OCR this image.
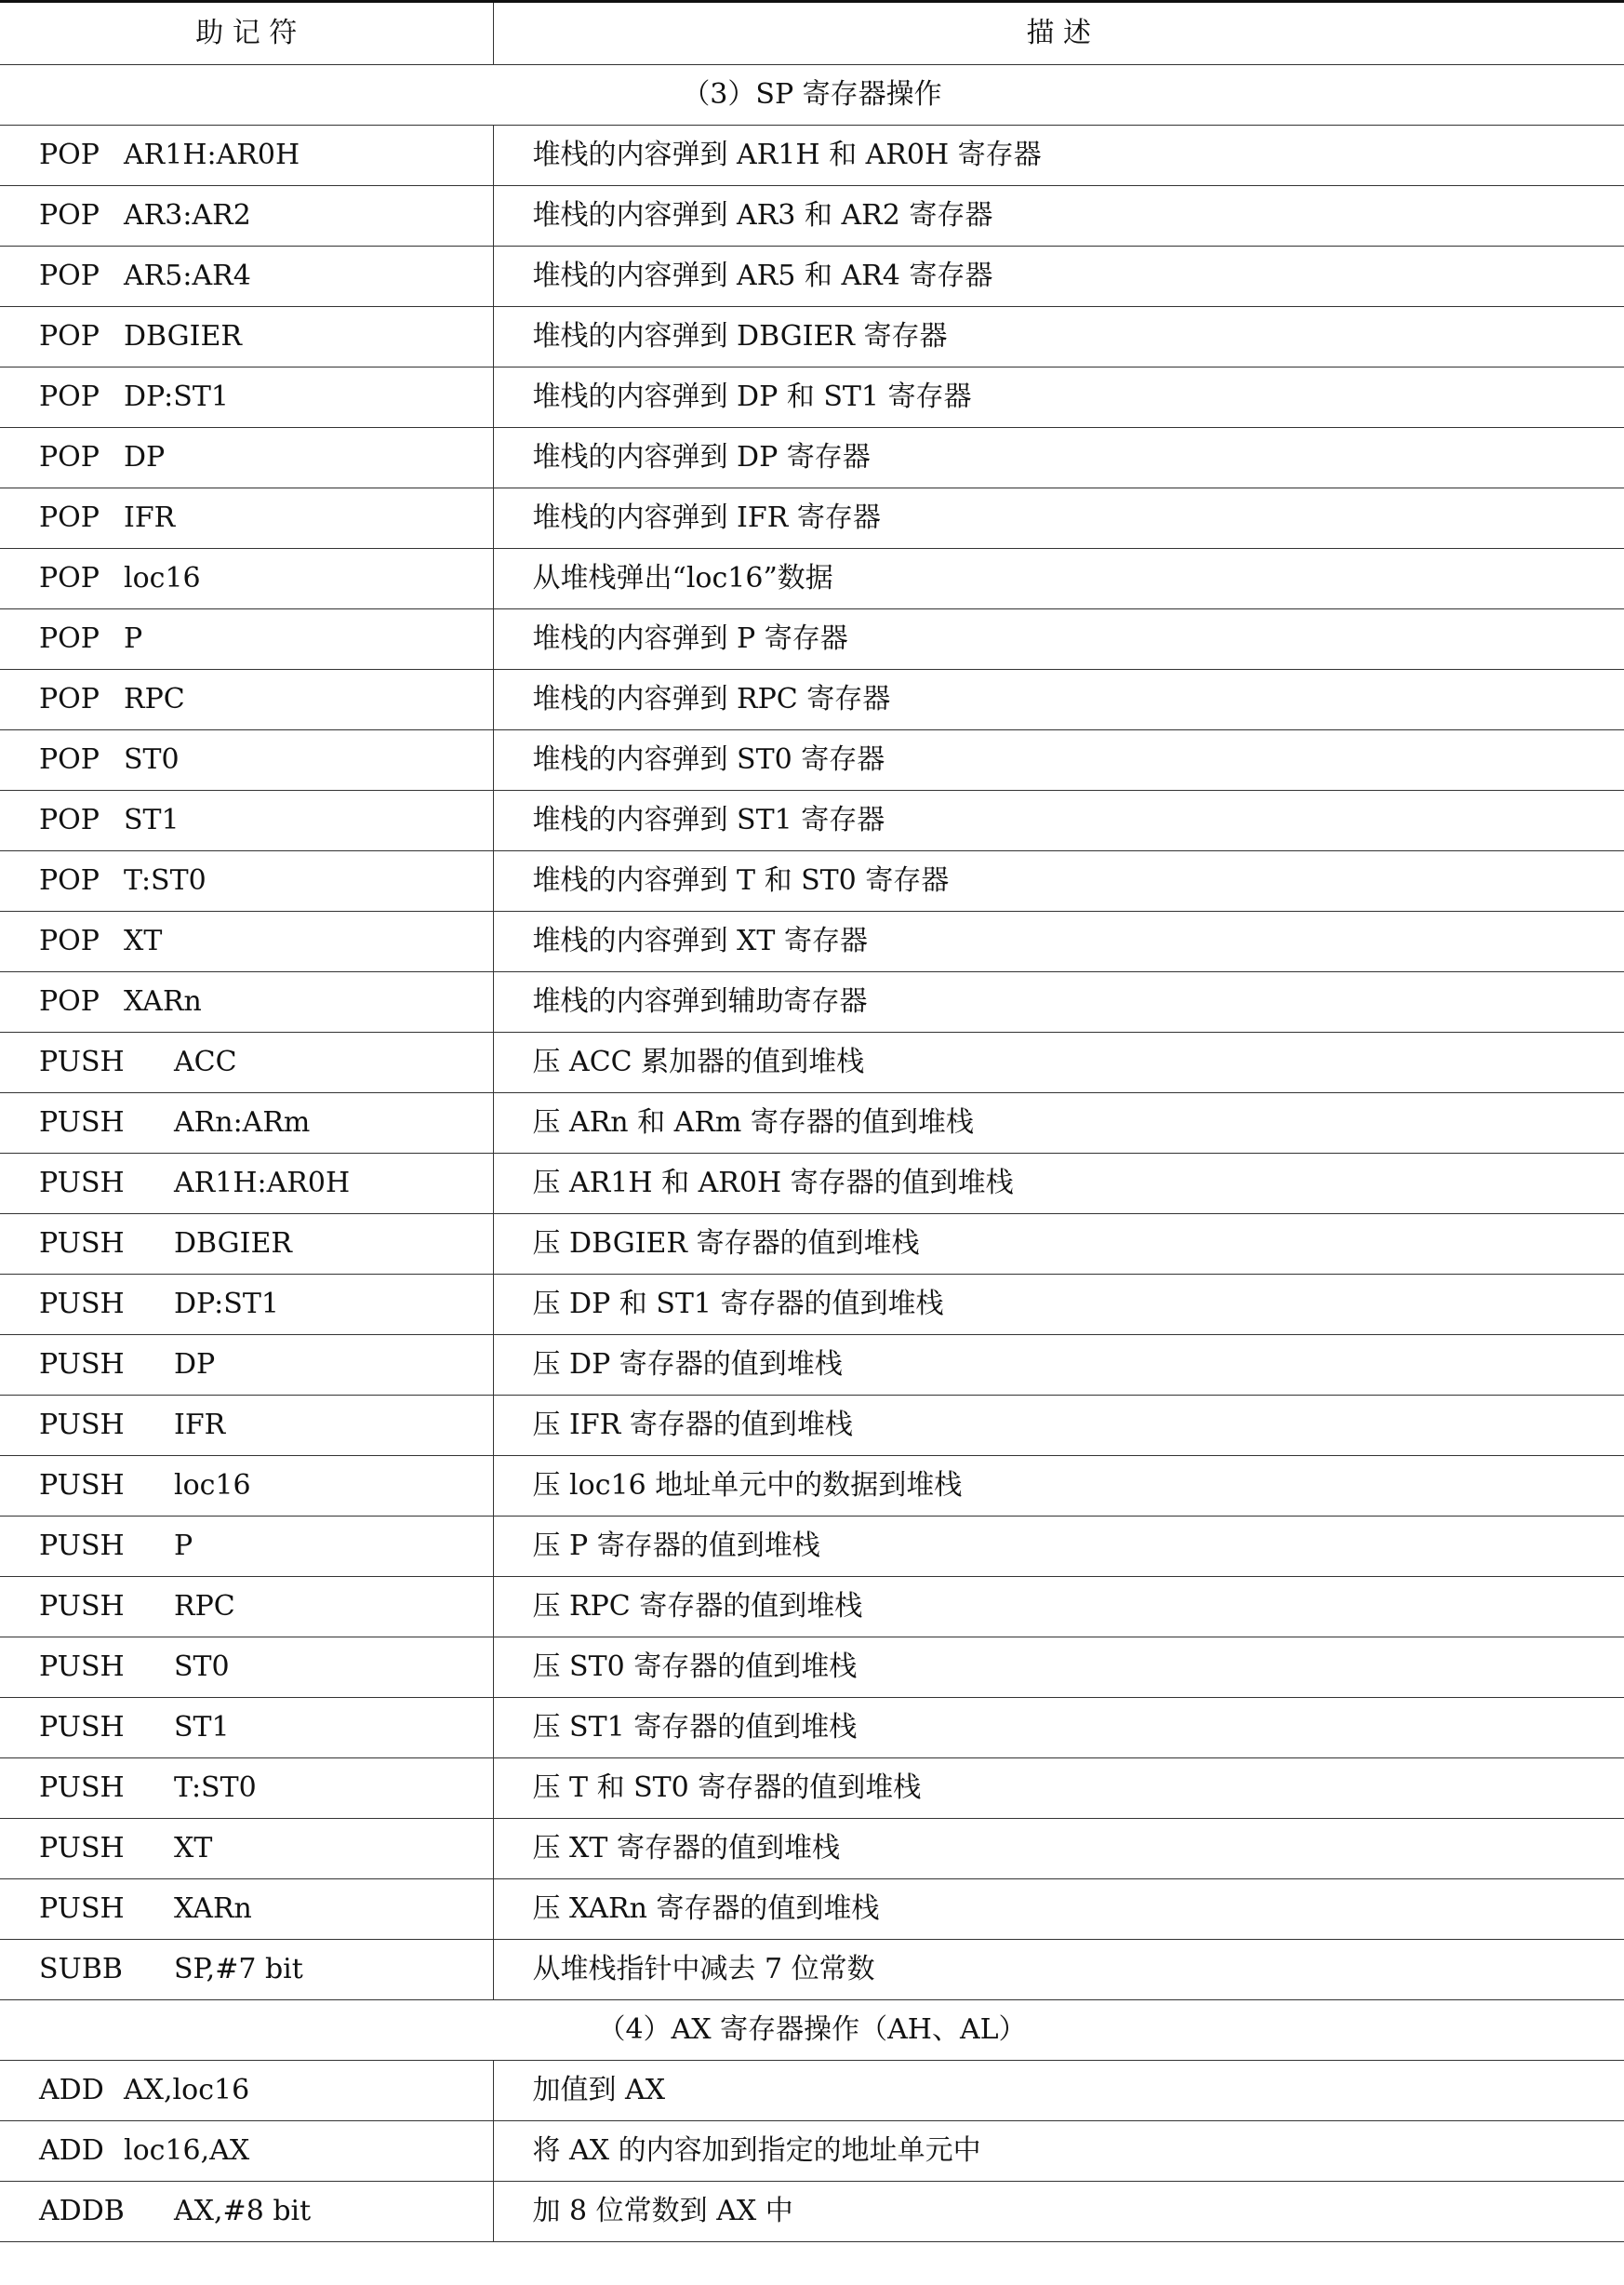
助 记 符	描 述
（3）SP 寄存器操作	
POP AR1H:AR0H	堆栈的内容弹到 AR1H 和 AR0H 寄存器
POP AR3:AR2	堆栈的内容弹到 AR3 和 AR2 寄存器
POP AR5:AR4	堆栈的内容弹到 AR5 和 AR4 寄存器
POP DBGIER	堆栈的内容弹到 DBGIER 寄存器
POP DP:ST1	堆栈的内容弹到 DP 和 ST1 寄存器
POP DP	堆栈的内容弹到 DP 寄存器
POP IFR	堆栈的内容弹到 IFR 寄存器
POP loc16	从堆栈弹出“loc16”数据
POP P	堆栈的内容弹到 P 寄存器
POP RPC	堆栈的内容弹到 RPC 寄存器
POP ST0	堆栈的内容弹到 ST0 寄存器
POP ST1	堆栈的内容弹到 ST1 寄存器
POP T:ST0	堆栈的内容弹到 T 和 ST0 寄存器
POP XT	堆栈的内容弹到 XT 寄存器
POP XARn	堆栈的内容弹到辅助寄存器
PUSH ACC	压 ACC 累加器的值到堆栈
PUSH ARn:ARm	压 ARn 和 ARm 寄存器的值到堆栈
PUSH AR1H:AR0H	压 AR1H 和 AR0H 寄存器的值到堆栈
PUSH DBGIER	压 DBGIER 寄存器的值到堆栈
PUSH DP:ST1	压 DP 和 ST1 寄存器的值到堆栈
PUSH DP	压 DP 寄存器的值到堆栈
PUSH IFR	压 IFR 寄存器的值到堆栈
PUSH loc16	压 loc16 地址单元中的数据到堆栈
PUSH P	压 P 寄存器的值到堆栈
PUSH RPC	压 RPC 寄存器的值到堆栈
PUSH ST0	压 ST0 寄存器的值到堆栈
PUSH ST1	压 ST1 寄存器的值到堆栈
PUSH T:ST0	压 T 和 ST0 寄存器的值到堆栈
PUSH XT	压 XT 寄存器的值到堆栈
PUSH XARn	压 XARn 寄存器的值到堆栈
SUBB SP,#7 bit	从堆栈指针中减去 7 位常数
（4）AX 寄存器操作（AH、AL）	
ADD AX,loc16	加值到 AX
ADD loc16,AX	将 AX 的内容加到指定的地址单元中
ADDB AX,#8 bit	加 8 位常数到 AX 中
